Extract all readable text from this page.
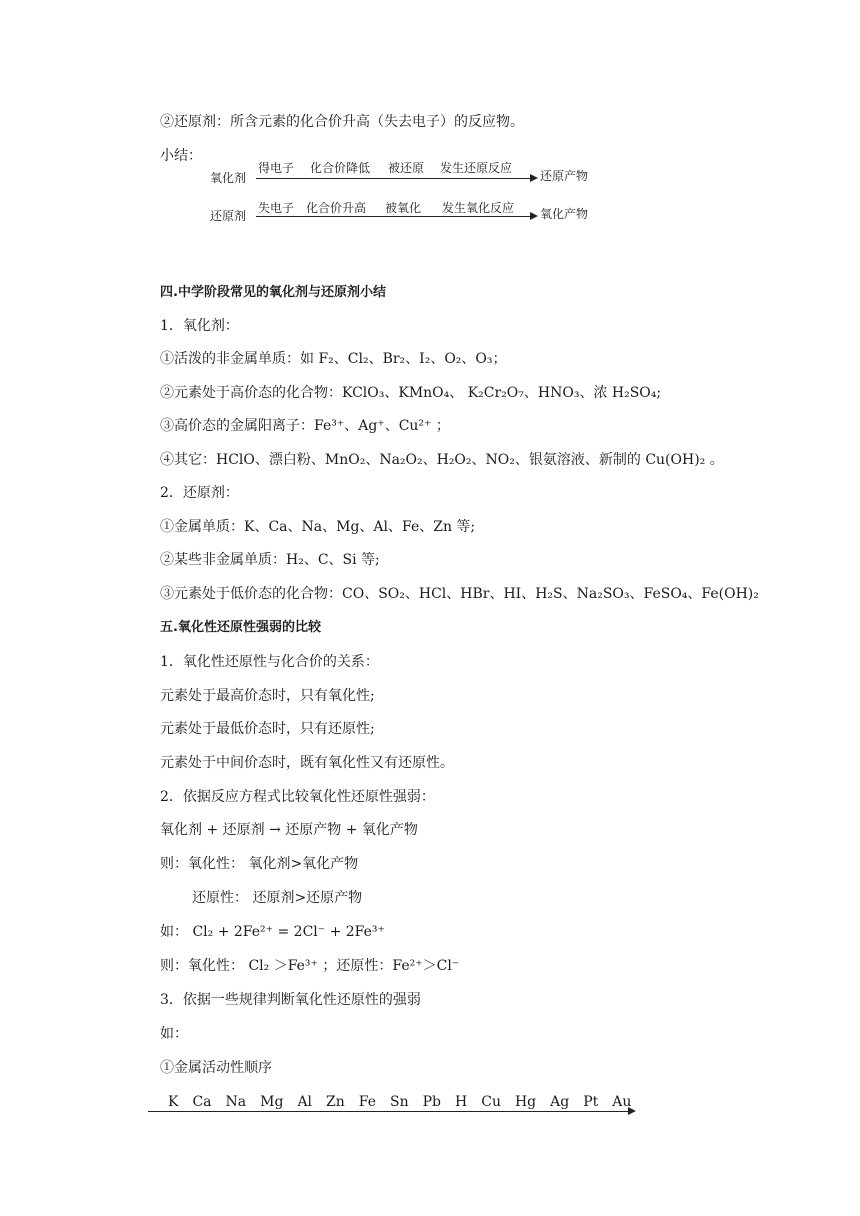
②还原剂：所含元素的化合价升高（失去电子）的反应物。
小结：
氧化剂
得电子 化合价降低 被还原 发生还原反应
还原产物
还原剂
失电子 化合价升高 被氧化 发生氧化反应 氧化产物
四.中学阶段常见的氧化剂与还原剂小结
1．氧化剂：
①活泼的非金属单质：如 F₂、Cl₂、Br₂、I₂、O₂、O₃；
②元素处于高价态的化合物：KClO₃、KMnO₄、 K₂Cr₂O₇、HNO₃、浓 H₂SO₄;
③高价态的金属阳离子：Fe³⁺、Ag⁺、Cu²⁺ ；
④其它：HClO、漂白粉、MnO₂、Na₂O₂、H₂O₂、NO₂、银氨溶液、新制的 Cu(OH)₂ 。
2．还原剂：
①金属单质：K、Ca、Na、Mg、Al、Fe、Zn 等;
②某些非金属单质：H₂、C、Si 等;
③元素处于低价态的化合物：CO、SO₂、HCl、HBr、HI、H₂S、Na₂SO₃、FeSO₄、Fe(OH)₂
五.氧化性还原性强弱的比较
1．氧化性还原性与化合价的关系：
元素处于最高价态时，只有氧化性;
元素处于最低价态时，只有还原性;
元素处于中间价态时，既有氧化性又有还原性。
2．依据反应方程式比较氧化性还原性强弱：
氧化剂 + 还原剂 → 还原产物 + 氧化产物
则：氧化性： 氧化剂>氧化产物
还原性： 还原剂>还原产物
如： Cl₂ + 2Fe²⁺ = 2Cl⁻ + 2Fe³⁺
则：氧化性： Cl₂ ＞Fe³⁺ ；还原性：Fe²⁺＞Cl⁻
3．依据一些规律判断氧化性还原性的强弱
如：
①金属活动性顺序
K Ca Na Mg Al Zn Fe Sn Pb H Cu Hg Ag Pt Au
